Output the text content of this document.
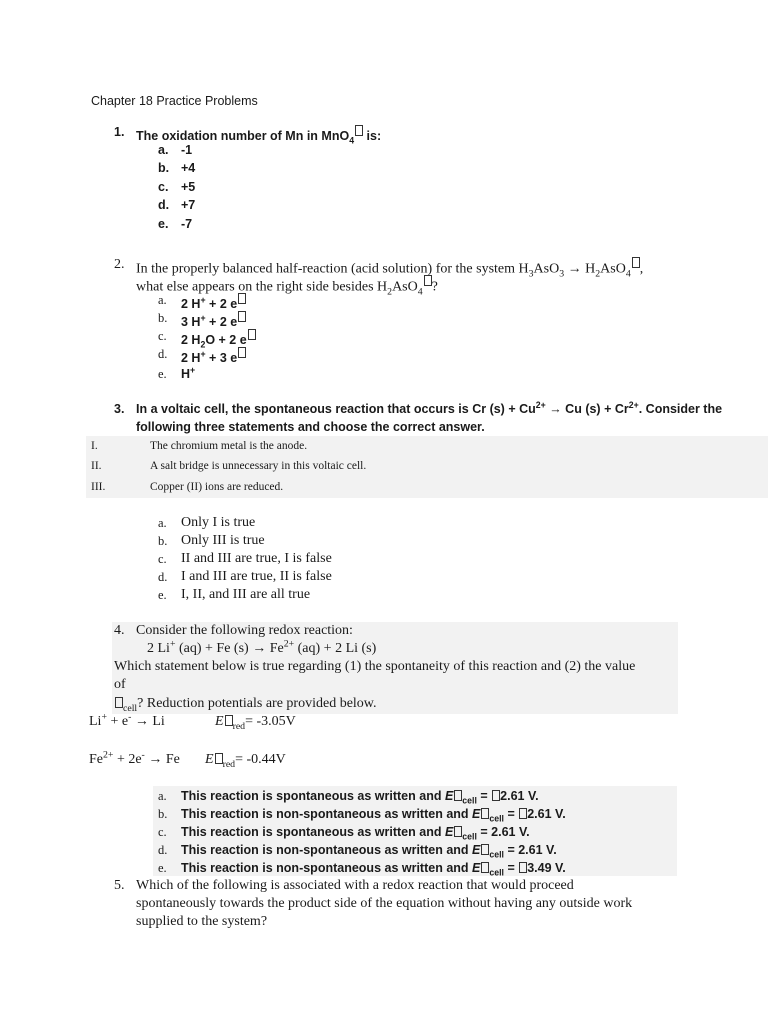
Chapter 18 Practice Problems
1. The oxidation number of Mn in MnO$_4$ is:
a. -1
b. +4
c. +5
d. +7
e. -7
2. In the properly balanced half-reaction (acid solution) for the system $H_3AsO_3 \to H_2AsO_4$ ,
what else appears on the right side besides $H_2AsO_4$ ?
a. 2 H+ + 2 e
b. 3 H+ + 2 e
c. 2 $H_2O + 2$ e
d. 2 H+ + 3 e
e. H+
3. In a voltaic cell, the spontaneous reaction that occurs is Cr $(s) + Cu^{2+} \to Cu$ $(s) + Cr^{2+}$. Consider the
following three statements and choose the correct answer.
I.	The chromium metal is the anode.
II.	A salt bridge is unnecessary in this voltaic cell.
III.	Copper (II) ions are reduced.
a. Only I is true
b. Only III is true
c. II and III are true, I is false
d. I and III are true, II is false
e. I, II, and III are all true
4. Consider the following redox reaction:
2 Li+ (aq) + Fe $(s) \to Fe^{2+}$ (aq) + 2 Li (s)
Which statement below is true regarding (1) the spontaneity of this reaction and (2) the value
of
$_{cell}$? Reduction potentials are provided below.
Li+ + e- → Li	E $_{red}$= -3.05V
$Fe^{2+} + 2e^- \to Fe$ E $_{red}$= -0.44V
a. This reaction is spontaneous as written and E $_{cell}$ = 2.61 V.
b. This reaction is non-spontaneous as written and E $_{cell}$ = 2.61 V.
c. This reaction is spontaneous as written and E $_{cell}$ = 2.61 V.
d. This reaction is non-spontaneous as written and E $_{cell}$ = 2.61 V.
e. This reaction is non-spontaneous as written and E $_{cell}$ = 3.49 V.
5. Which of the following is associated with a redox reaction that would proceed
spontaneously towards the product side of the equation without having any outside work
supplied to the system?
